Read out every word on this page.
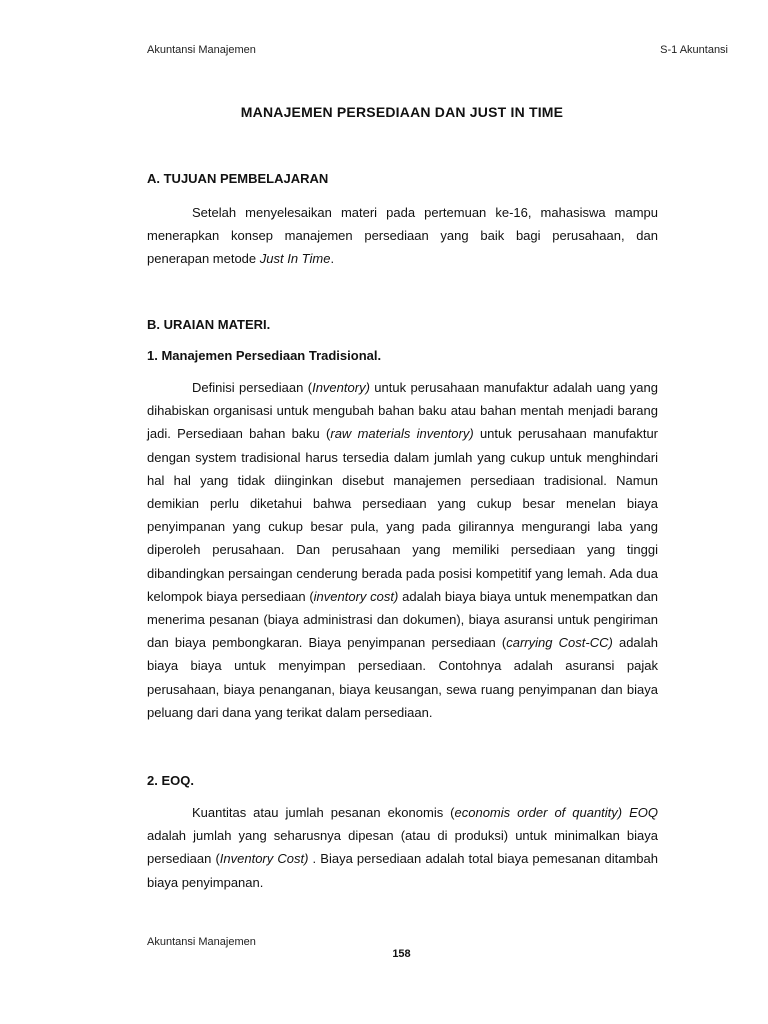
Akuntansi Manajemen	S-1 Akuntansi
MANAJEMEN PERSEDIAAN DAN JUST IN TIME
A. TUJUAN PEMBELAJARAN

Setelah menyelesaikan materi pada pertemuan ke-16, mahasiswa mampu menerapkan konsep manajemen persediaan yang baik bagi perusahaan, dan penerapan metode Just In Time.

B. URAIAN MATERI.
1. Manajemen Persediaan Tradisional.

Definisi persediaan (Inventory) untuk perusahaan manufaktur adalah uang yang dihabiskan organisasi untuk mengubah bahan baku atau bahan mentah menjadi barang jadi. Persediaan bahan baku (raw materials inventory) untuk perusahaan manufaktur dengan system tradisional harus tersedia dalam jumlah yang cukup untuk menghindari hal hal yang tidak diinginkan disebut manajemen persediaan tradisional. Namun demikian perlu diketahui bahwa persediaan yang cukup besar menelan biaya penyimpanan yang cukup besar pula, yang pada gilirannya mengurangi laba yang diperoleh perusahaan. Dan perusahaan yang memiliki persediaan yang tinggi dibandingkan persaingan cenderung berada pada posisi kompetitif yang lemah. Ada dua kelompok biaya persediaan (inventory cost) adalah biaya biaya untuk menempatkan dan menerima pesanan (biaya administrasi dan dokumen), biaya asuransi untuk pengiriman dan biaya pembongkaran. Biaya penyimpanan persediaan (carrying Cost-CC) adalah biaya biaya untuk menyimpan persediaan. Contohnya adalah asuransi pajak perusahaan, biaya penanganan, biaya keusangan, sewa ruang penyimpanan dan biaya peluang dari dana yang terikat dalam persediaan.

2. EOQ.

Kuantitas atau jumlah pesanan ekonomis (economis order of quantity) EOQ adalah jumlah yang seharusnya dipesan (atau di produksi) untuk minimalkan biaya persediaan (Inventory Cost) . Biaya persediaan adalah total biaya pemesanan ditambah biaya penyimpanan.

Akuntansi Manajemen
158
